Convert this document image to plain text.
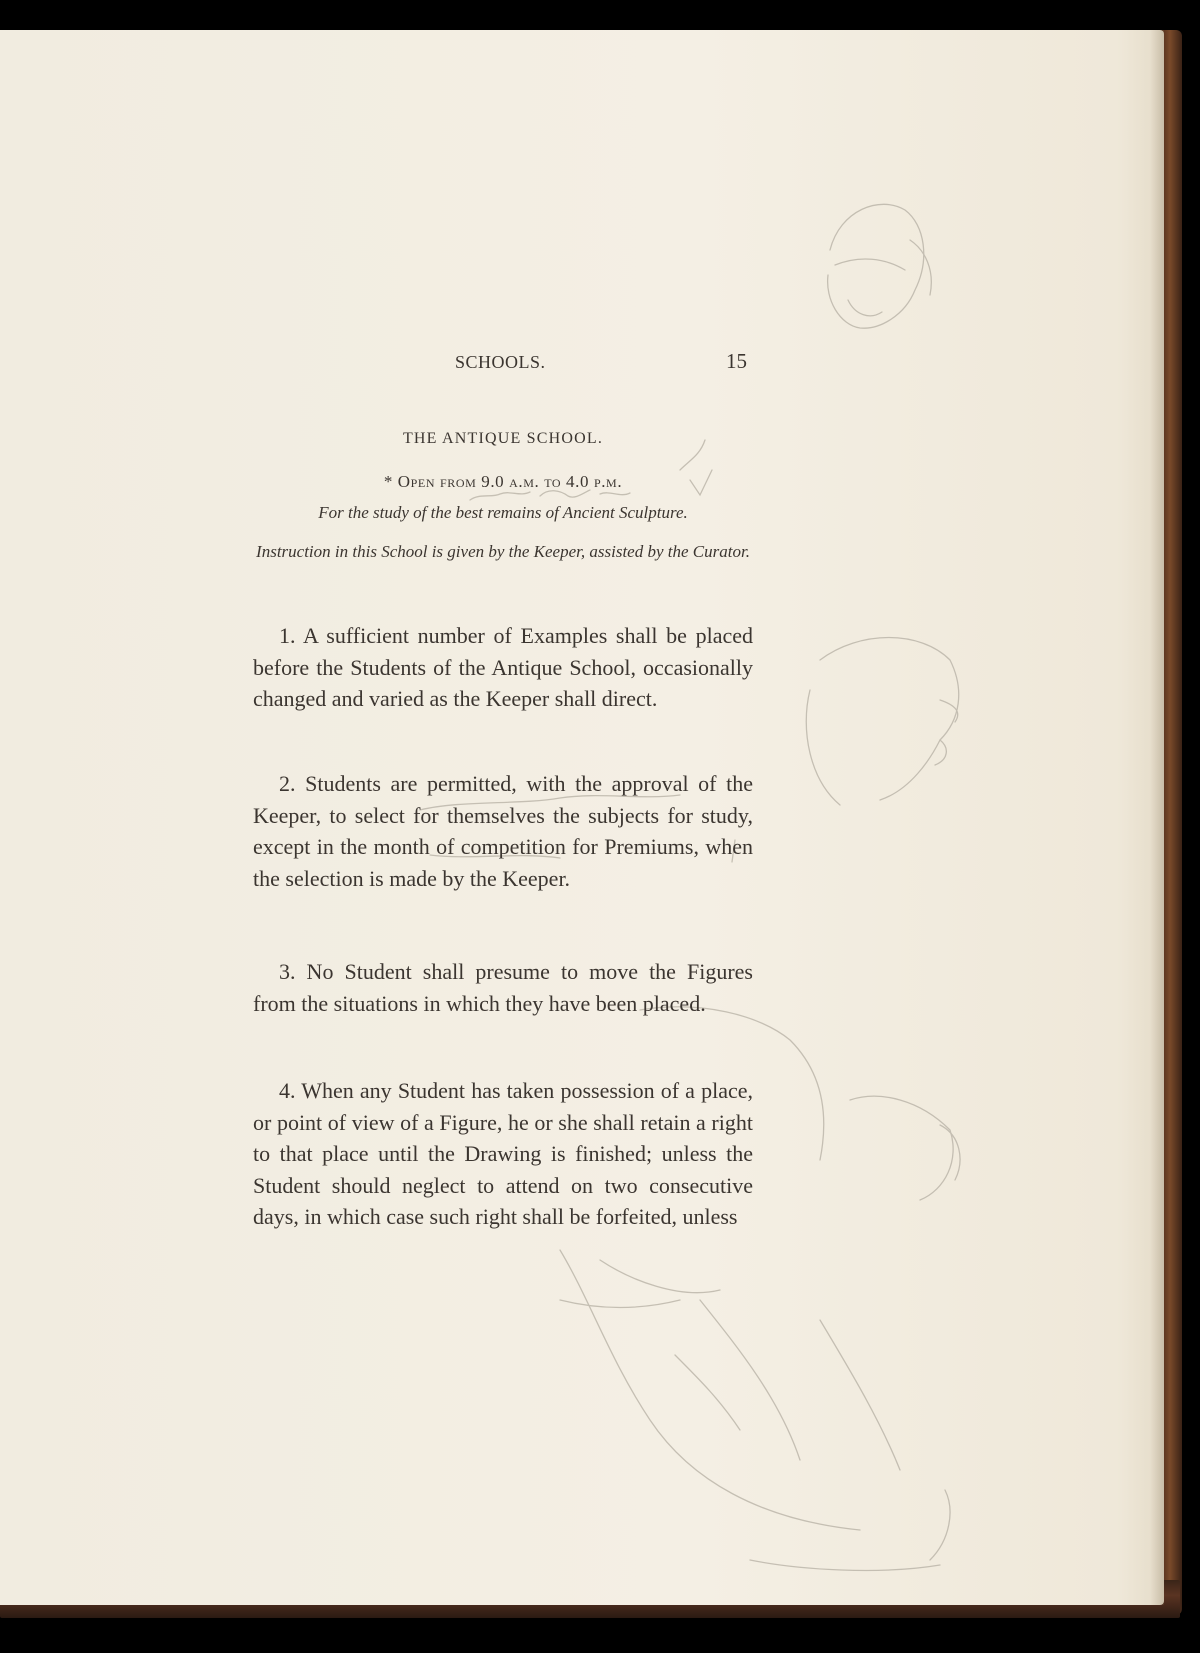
SCHOOLS.	15
THE ANTIQUE SCHOOL.
* Open from 9.0 a.m. to 4.0 p.m.
For the study of the best remains of Ancient Sculpture.
Instruction in this School is given by the Keeper, assisted by the Curator.

1. A sufficient number of Examples shall be placed before the Students of the Antique School, occasionally changed and varied as the Keeper shall direct.

2. Students are permitted, with the approval of the Keeper, to select for themselves the subjects for study, except in the month of competition for Premiums, when the selection is made by the Keeper.

3. No Student shall presume to move the Figures from the situations in which they have been placed.

4. When any Student has taken possession of a place, or point of view of a Figure, he or she shall retain a right to that place until the Drawing is finished; unless the Student should neglect to attend on two consecutive days, in which case such right shall be forfeited, unless
